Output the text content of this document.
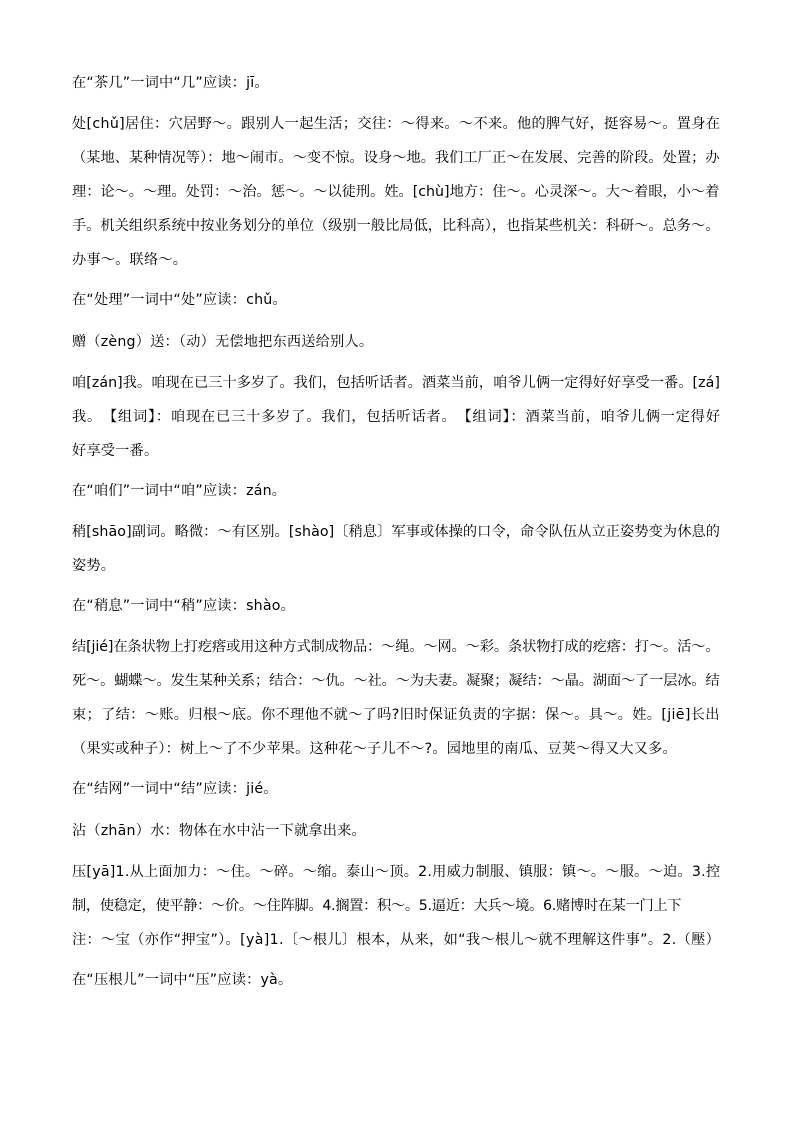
在“茶几”一词中“几”应读：jī。
处[chǔ]居住：穴居野～。跟别人一起生活；交往：～得来。～不来。他的脾气好，挺容易～。置身在
（某地、某种情况等）：地～闹市。～变不惊。设身～地。我们工厂正～在发展、完善的阶段。处置；办
理：论～。～理。处罚：～治。惩～。～以徒刑。姓。[chù]地方：住～。心灵深～。大～着眼，小～着
手。机关组织系统中按业务划分的单位（级别一般比局低，比科高），也指某些机关：科研～。总务～。
办事～。联络～。
在“处理”一词中“处”应读：chǔ。
赠（zèng）送：（动）无偿地把东西送给别人。
咱[zán]我。咱现在已三十多岁了。我们，包括听话者。酒菜当前，咱爷儿俩一定得好好享受一番。[zá]
我。　【组词】：咱现在已三十多岁了。我们，包括听话者。　【组词】：酒菜当前，咱爷儿俩一定得好
好享受一番。
在“咱们”一词中“咱”应读：zán。
稍[shāo]副词。略微：～有区别。[shào]〔稍息〕军事或体操的口令，命令队伍从立正姿势变为休息的
姿势。
在“稍息”一词中“稍”应读：shào。
结[jié]在条状物上打疙瘩或用这种方式制成物品：～绳。～网。～彩。条状物打成的疙瘩：打～。活～。
死～。蝴蝶～。发生某种关系；结合：～仇。～社。～为夫妻。凝聚；凝结：～晶。湖面～了一层冰。结
束；了结：～账。归根～底。你不理他不就～了吗?旧时保证负责的字据：保～。具～。姓。[jiē]长出
（果实或种子）：树上～了不少苹果。这种花～子儿不～?。园地里的南瓜、豆荚～得又大又多。
在“结网”一词中“结”应读：jié。
沾（zhān）水：物体在水中沾一下就拿出来。
压[yā]1.从上面加力：～住。～碎。～缩。泰山～顶。2.用威力制服、镇服：镇～。～服。～迫。3.控
制，使稳定，使平静：～价。～住阵脚。4.搁置：积～。5.逼近：大兵～境。6.赌博时在某一门上下
注：～宝（亦作“押宝”）。[yà]1.〔～根儿〕根本，从来，如“我～根儿～就不理解这件事”。2.（壓）
在“压根儿”一词中“压”应读：yà。
